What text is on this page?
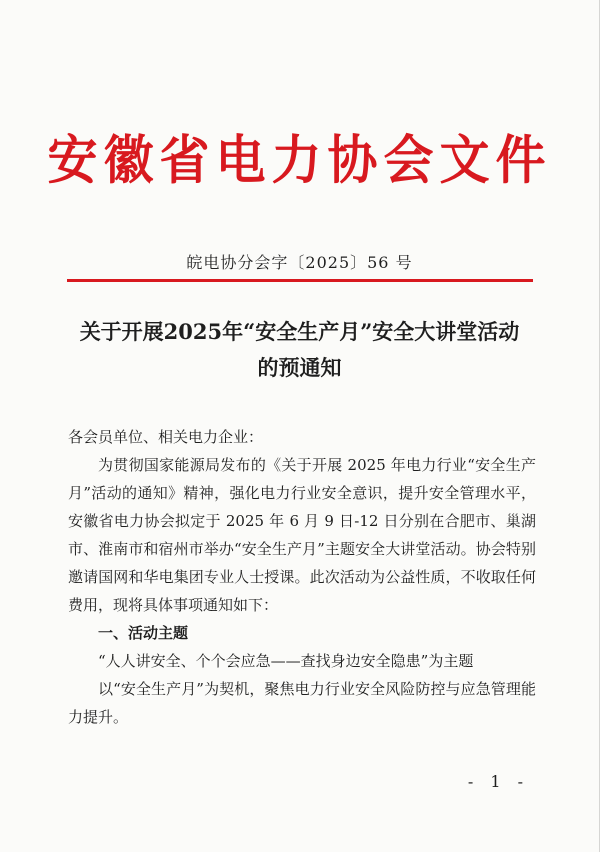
安徽省电力协会文件
皖电协分会字〔2025〕56 号
关于开展2025年“安全生产月”安全大讲堂活动
的预通知

各会员单位、相关电力企业：

为贯彻国家能源局发布的《关于开展 2025 年电力行业“安全生产月”活动的通知》精神，强化电力行业安全意识，提升安全管理水平，安徽省电力协会拟定于 2025 年 6 月 9 日-12 日分别在合肥市、巢湖市、淮南市和宿州市举办“安全生产月”主题安全大讲堂活动。协会特别邀请国网和华电集团专业人士授课。此次活动为公益性质，不收取任何费用，现将具体事项通知如下：

一、活动主题

“人人讲安全、个个会应急——查找身边安全隐患”为主题

以“安全生产月”为契机，聚焦电力行业安全风险防控与应急管理能力提升。

- 1 -
